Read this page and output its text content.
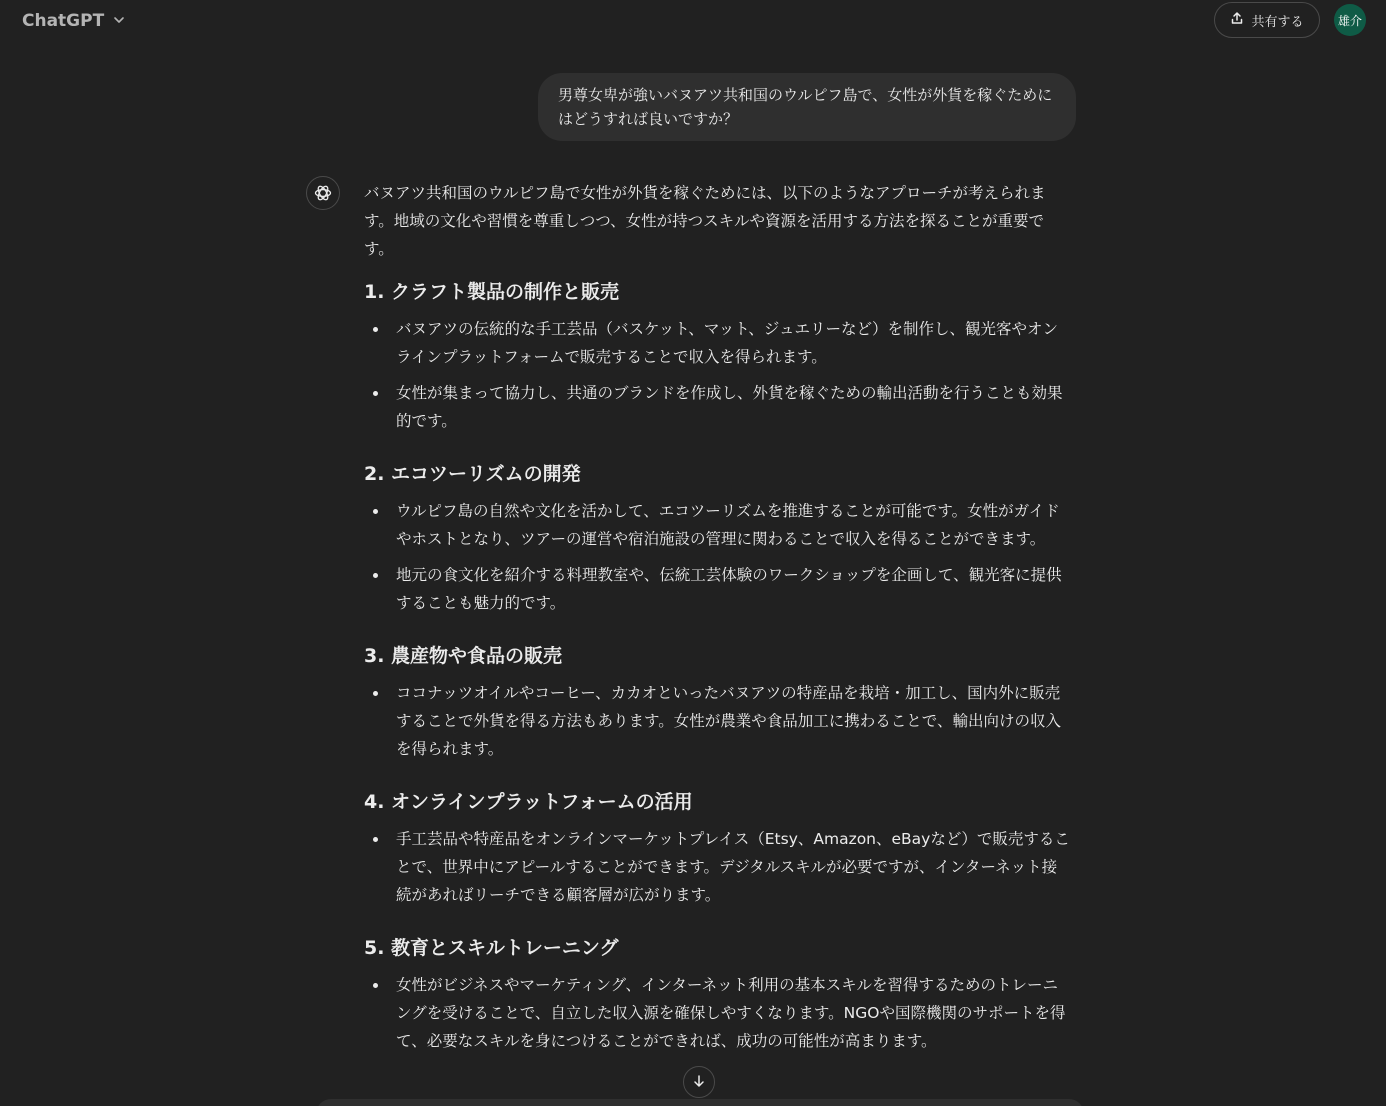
ChatGPT	共有する	雄介
男尊女卑が強いバヌアツ共和国のウルピフ島で、女性が外貨を稼ぐためにはどうすれば良いですか？

バヌアツ共和国のウルピフ島で女性が外貨を稼ぐためには、以下のようなアプローチが考えられます。地域の文化や習慣を尊重しつつ、女性が持つスキルや資源を活用する方法を探ることが重要です。

1. クラフト製品の制作と販売
バヌアツの伝統的な手工芸品（バスケット、マット、ジュエリーなど）を制作し、観光客やオンラインプラットフォームで販売することで収入を得られます。
女性が集まって協力し、共通のブランドを作成し、外貨を稼ぐための輸出活動を行うことも効果的です。
2. エコツーリズムの開発
ウルピフ島の自然や文化を活かして、エコツーリズムを推進することが可能です。女性がガイドやホストとなり、ツアーの運営や宿泊施設の管理に関わることで収入を得ることができます。
地元の食文化を紹介する料理教室や、伝統工芸体験のワークショップを企画して、観光客に提供することも魅力的です。
3. 農産物や食品の販売
ココナッツオイルやコーヒー、カカオといったバヌアツの特産品を栽培・加工し、国内外に販売することで外貨を得る方法もあります。女性が農業や食品加工に携わることで、輸出向けの収入を得られます。
4. オンラインプラットフォームの活用
手工芸品や特産品をオンラインマーケットプレイス（Etsy、Amazon、eBayなど）で販売することで、世界中にアピールすることができます。デジタルスキルが必要ですが、インターネット接続があればリーチできる顧客層が広がります。
5. 教育とスキルトレーニング
女性がビジネスやマーケティング、インターネット利用の基本スキルを習得するためのトレーニングを受けることで、自立した収入源を確保しやすくなります。NGOや国際機関のサポートを得て、必要なスキルを身につけることができれば、成功の可能性が高まります。
